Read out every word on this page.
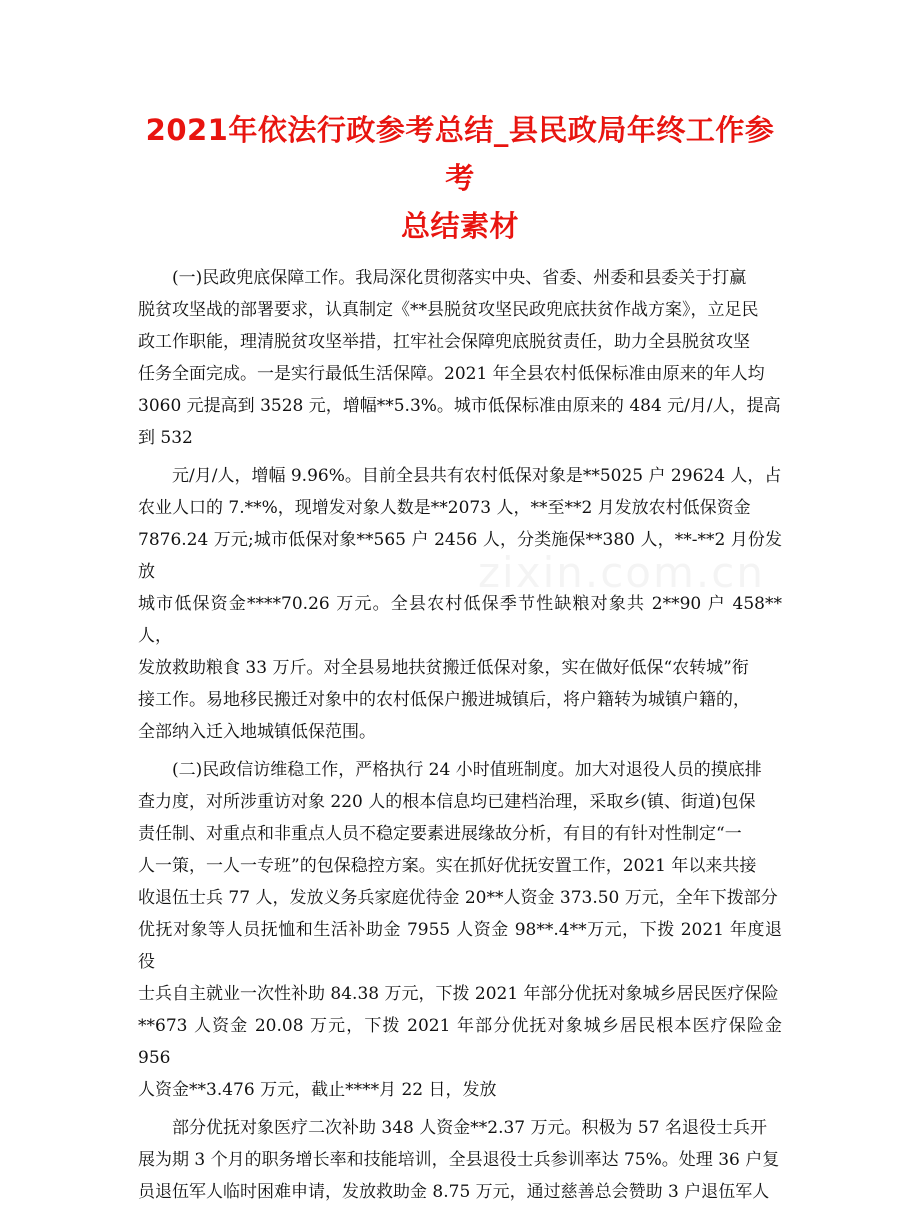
2021年依法行政参考总结_县民政局年终工作参考
总结素材

(一)民政兜底保障工作。我局深化贯彻落实中央、省委、州委和县委关于打赢
脱贫攻坚战的部署要求，认真制定《**县脱贫攻坚民政兜底扶贫作战方案》，立足民
政工作职能，理清脱贫攻坚举措，扛牢社会保障兜底脱贫责任，助力全县脱贫攻坚
任务全面完成。一是实行最低生活保障。2021 年全县农村低保标准由原来的年人均
3060 元提高到 3528 元，增幅**5.3%。城市低保标准由原来的 484 元/月/人，提高
到 532

元/月/人，增幅 9.96%。目前全县共有农村低保对象是**5025 户 29624 人，占
农业人口的 7.**%，现增发对象人数是**2073 人，**至**2 月发放农村低保资金
7876.24 万元;城市低保对象**565 户 2456 人，分类施保**380 人，**-**2 月份发放
城市低保资金****70.26 万元。全县农村低保季节性缺粮对象共 2**90 户 458**人，
发放救助粮食 33 万斤。对全县易地扶贫搬迁低保对象，实在做好低保“农转城”衔
接工作。易地移民搬迁对象中的农村低保户搬进城镇后，将户籍转为城镇户籍的，
全部纳入迁入地城镇低保范围。

(二)民政信访维稳工作，严格执行 24 小时值班制度。加大对退役人员的摸底排
查力度，对所涉重访对象 220 人的根本信息均已建档治理，采取乡(镇、街道)包保
责任制、对重点和非重点人员不稳定要素进展缘故分析，有目的有针对性制定“一
人一策，一人一专班”的包保稳控方案。实在抓好优抚安置工作，2021 年以来共接
收退伍士兵 77 人，发放义务兵家庭优待金 20**人资金 373.50 万元，全年下拨部分
优抚对象等人员抚恤和生活补助金 7955 人资金 98**.4**万元，下拨 2021 年度退役
士兵自主就业一次性补助 84.38 万元，下拨 2021 年部分优抚对象城乡居民医疗保险
**673 人资金 20.08 万元，下拨 2021 年部分优抚对象城乡居民根本医疗保险金 956
人资金**3.476 万元，截止****月 22 日，发放

部分优抚对象医疗二次补助 348 人资金**2.37 万元。积极为 57 名退役士兵开
展为期 3 个月的职务增长率和技能培训，全县退役士兵参训率达 75%。处理 36 户复
员退伍军人临时困难申请，发放救助金 8.75 万元，通过慈善总会赞助 3 户退伍军人

zixin.com.cn
